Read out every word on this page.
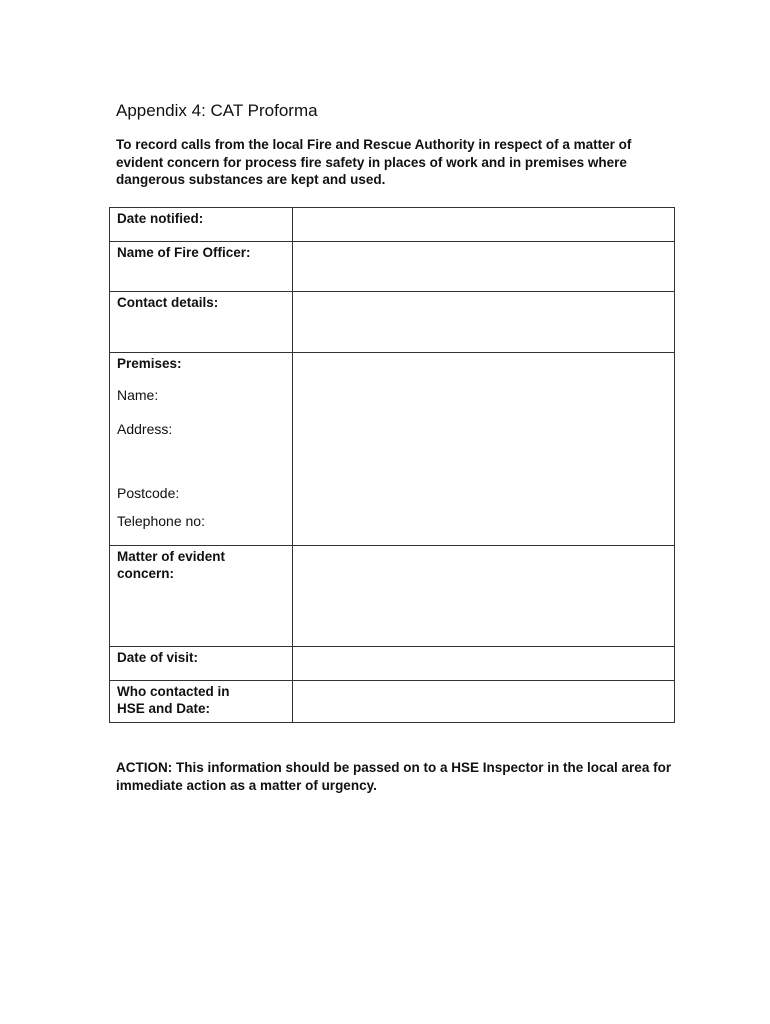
Appendix 4: CAT Proforma

To record calls from the local Fire and Rescue Authority in respect of a matter of evident concern for process fire safety in places of work and in premises where dangerous substances are kept and used.

Date notified:	

Name of Fire Officer:	

Contact details:	

Premises:
Name:
Address:
Postcode:
Telephone no:	

Matter of evident
concern:	

Date of visit:	

Who contacted in
HSE and Date:	

ACTION: This information should be passed on to a HSE Inspector in the local area for immediate action as a matter of urgency.
